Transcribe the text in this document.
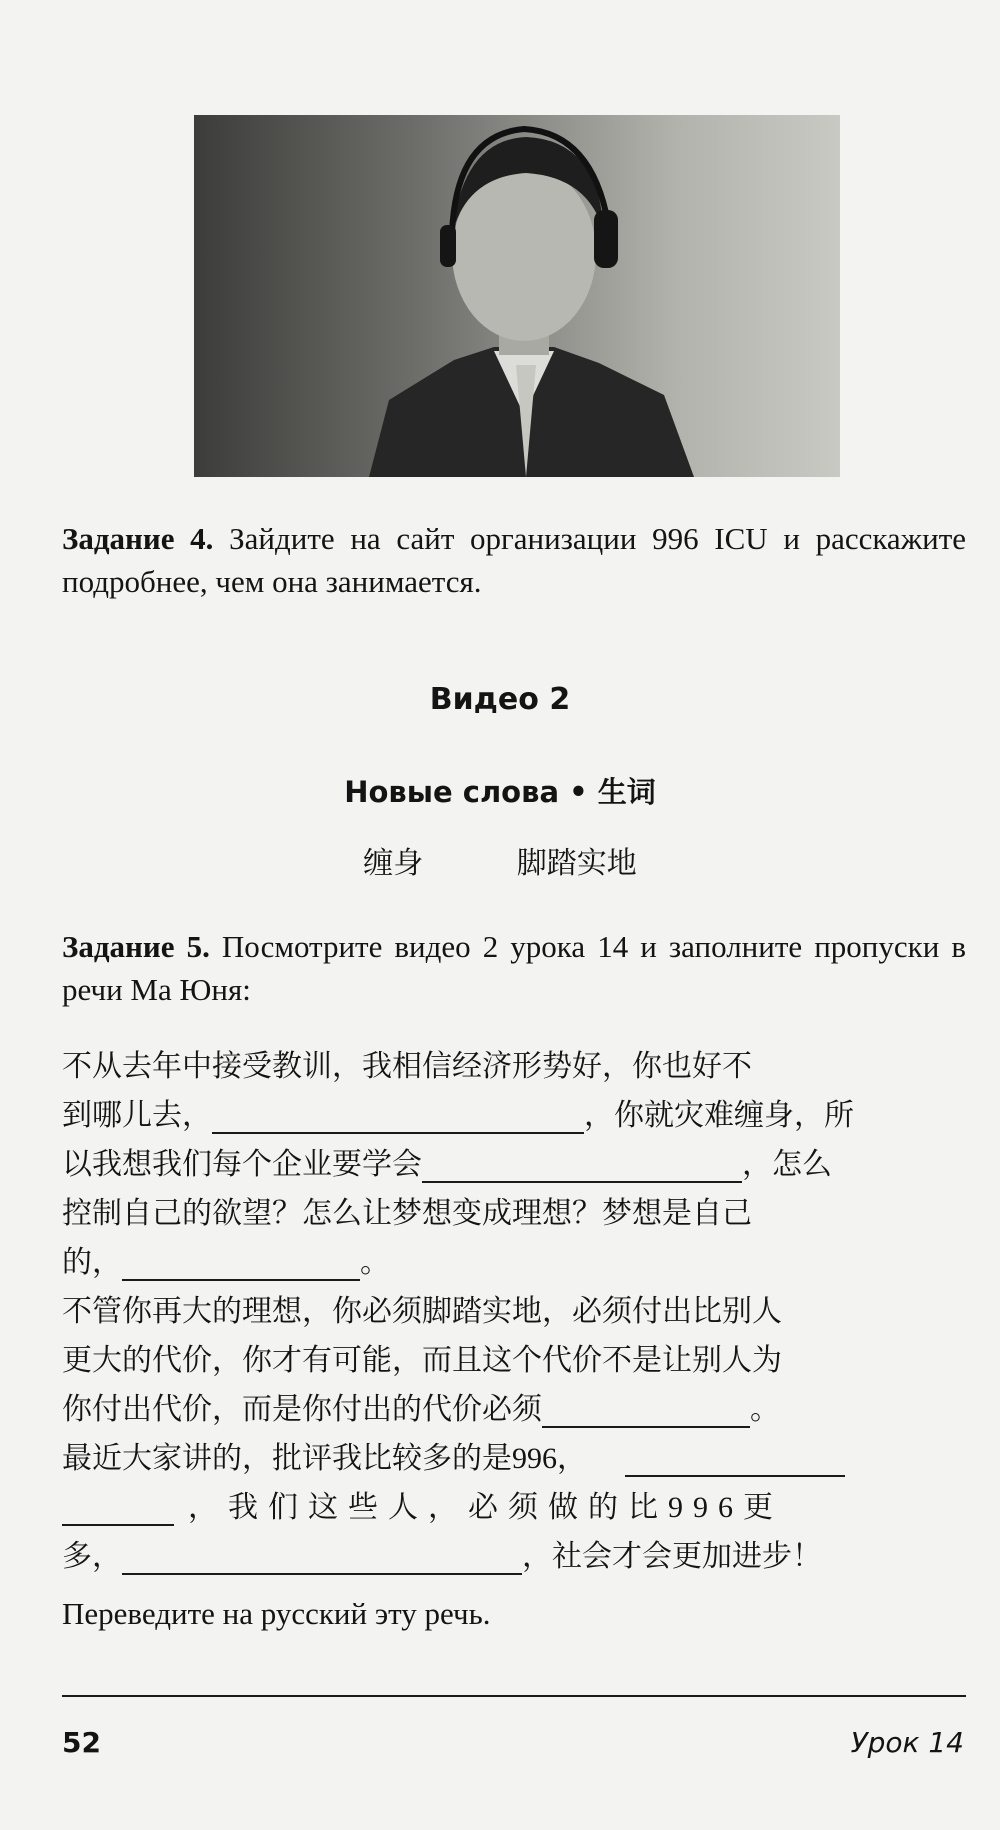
Задание 4. Зайдите на сайт организации 996 ICU и расскажите подробнее, чем она занимается.
Видео 2
Новые слова • 生词
缠身	脚踏实地
Задание 5. Посмотрите видео 2 урока 14 и заполните пропуски в речи Ма Юня:
不从去年中接受教训，我相信经济形势好，你也好不
到哪儿去，	，你就灾难缠身，所
以我想我们每个企业要学会	，怎么
控制自己的欲望？怎么让梦想变成理想？梦想是自己
的，	。
不管你再大的理想，你必须脚踏实地，必须付出比别人
更大的代价，你才有可能，而且这个代价不是让别人为
你付出代价，而是你付出的代价必须	。
最近大家讲的，批评我比较多的是996，
，我们这些人，必须做的比996更
多，	，社会才会更加进步！
Переведите на русский эту речь.
52	Урок 14
